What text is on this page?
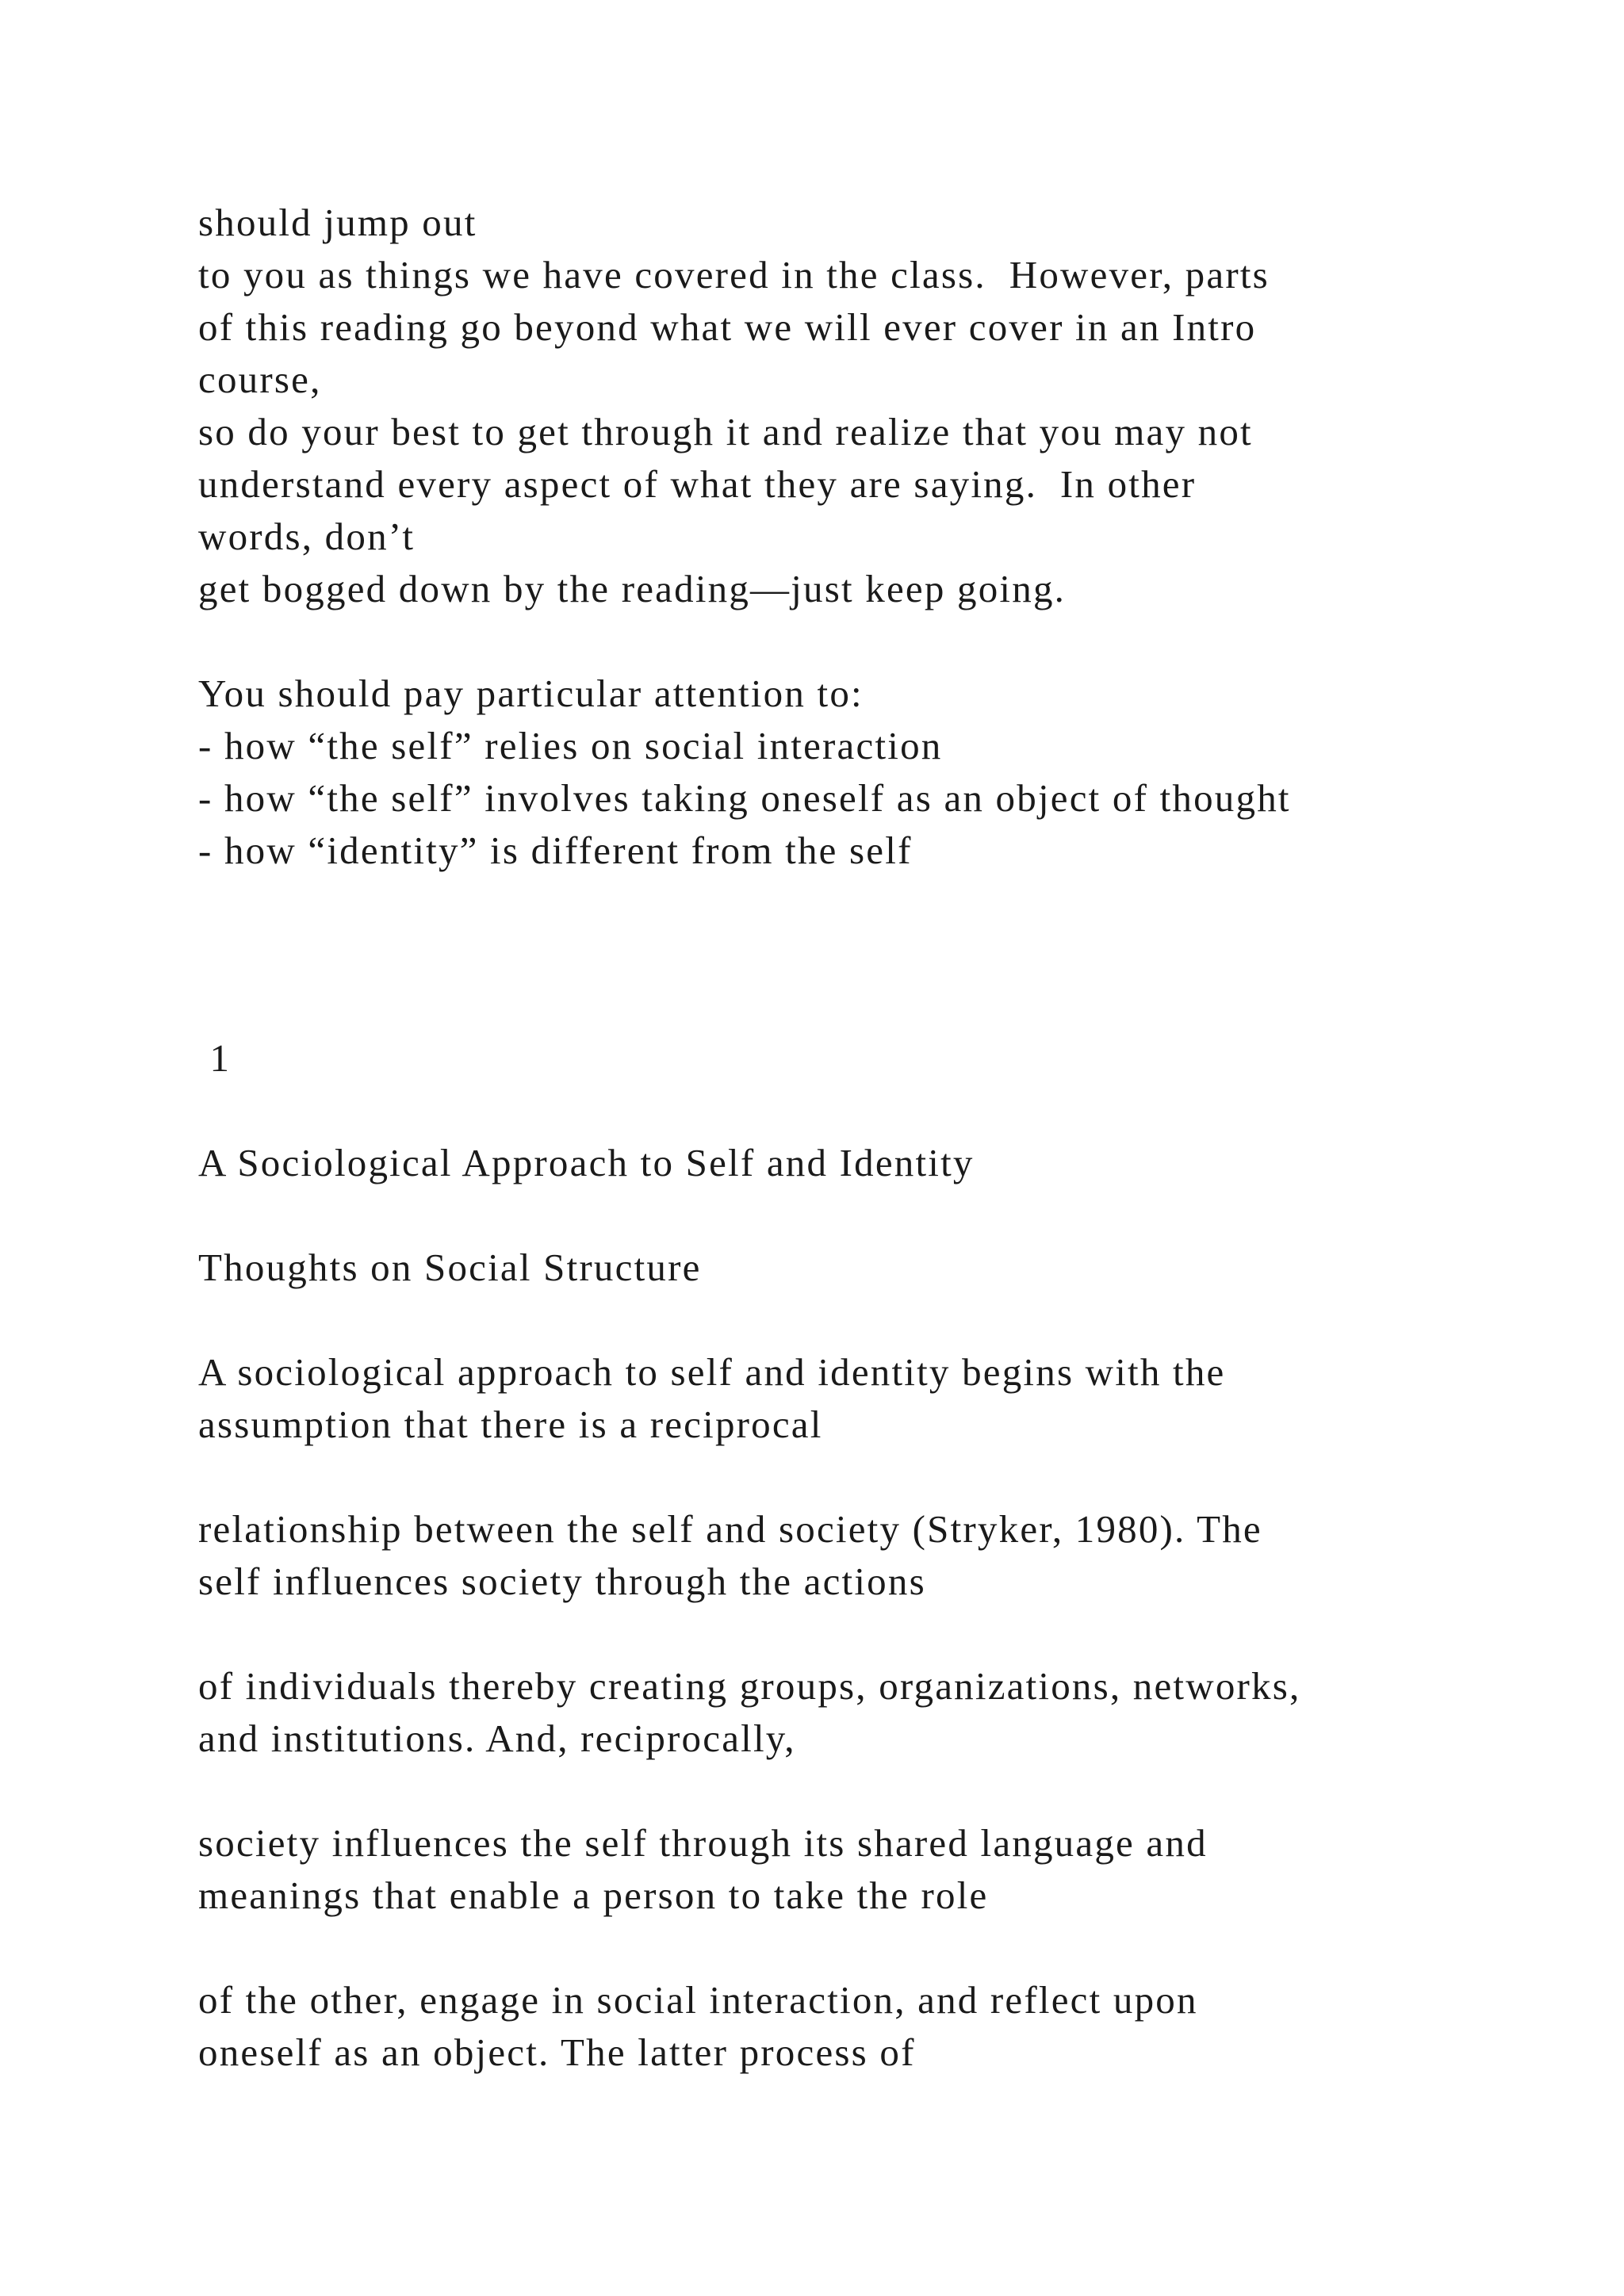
should jump out

to you as things we have covered in the class.  However, parts

of this reading go beyond what we will ever cover in an Intro

course,

so do your best to get through it and realize that you may not

understand every aspect of what they are saying.  In other

words, don’t

get bogged down by the reading—just keep going.

You should pay particular attention to:

- how “the self” relies on social interaction

- how “the self” involves taking oneself as an object of thought

- how “identity” is different from the self

1

A Sociological Approach to Self and Identity

Thoughts on Social Structure

A sociological approach to self and identity begins with the

assumption that there is a reciprocal

relationship between the self and society (Stryker, 1980). The

self influences society through the actions

of individuals thereby creating groups, organizations, networks,

and institutions. And, reciprocally,

society influences the self through its shared language and

meanings that enable a person to take the role

of the other, engage in social interaction, and reflect upon

oneself as an object. The latter process of
